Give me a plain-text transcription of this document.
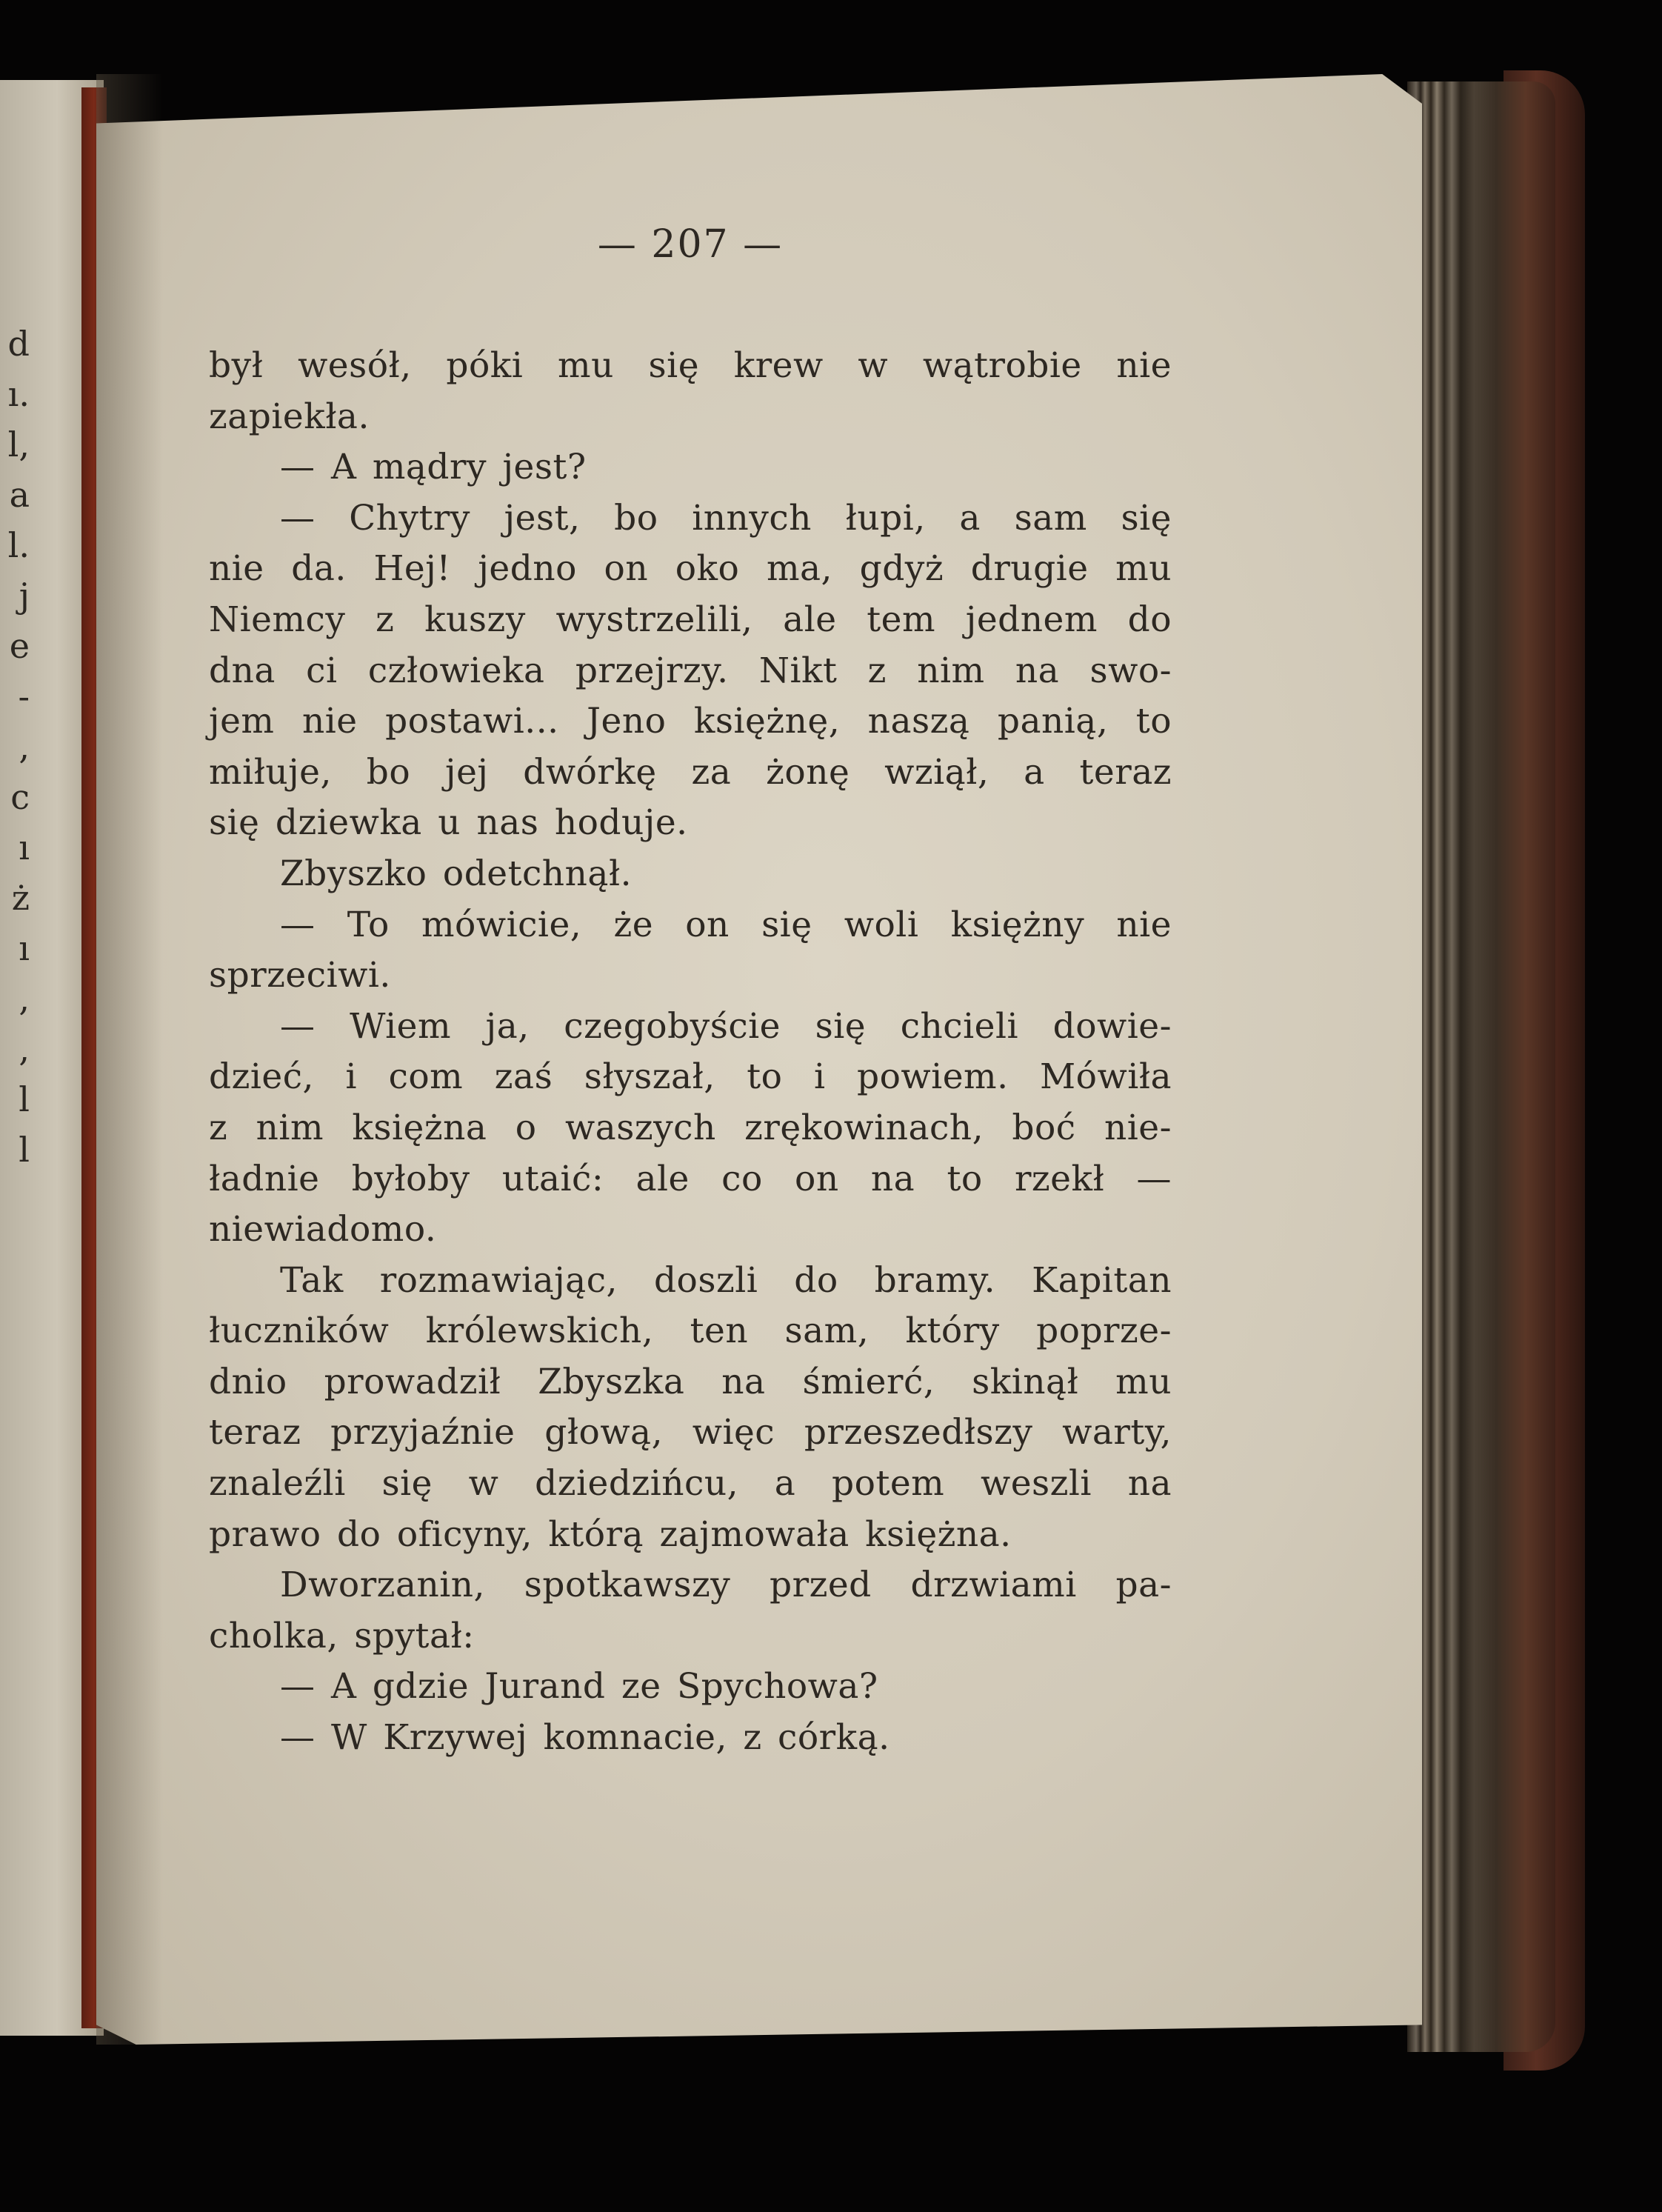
d
ı.
l,
a
l.
j
e
-
,
c
ı
ż
ı
,
,
l
l
— 207 —
był wesół, póki mu się krew w wątrobie nie
zapiekła.
— A mądry jest?
— Chytry jest, bo innych łupi, a sam się
nie da. Hej! jedno on oko ma, gdyż drugie mu
Niemcy z kuszy wystrzelili, ale tem jednem do
dna ci człowieka przejrzy. Nikt z nim na swo-
jem nie postawi... Jeno księżnę, naszą panią, to
miłuje, bo jej dwórkę za żonę wziął, a teraz
się dziewka u nas hoduje.
Zbyszko odetchnął.
— To mówicie, że on się woli księżny nie
sprzeciwi.
— Wiem ja, czegobyście się chcieli dowie-
dzieć, i com zaś słyszał, to i powiem. Mówiła
z nim księżna o waszych zrękowinach, boć nie-
ładnie byłoby utaić: ale co on na to rzekł —
niewiadomo.
Tak rozmawiając, doszli do bramy. Kapitan
łuczników królewskich, ten sam, który poprze-
dnio prowadził Zbyszka na śmierć, skinął mu
teraz przyjaźnie głową, więc przeszedłszy warty,
znaleźli się w dziedzińcu, a potem weszli na
prawo do oficyny, którą zajmowała księżna.
Dworzanin, spotkawszy przed drzwiami pa-
cholka, spytał:
— A gdzie Jurand ze Spychowa?
— W Krzywej komnacie, z córką.
